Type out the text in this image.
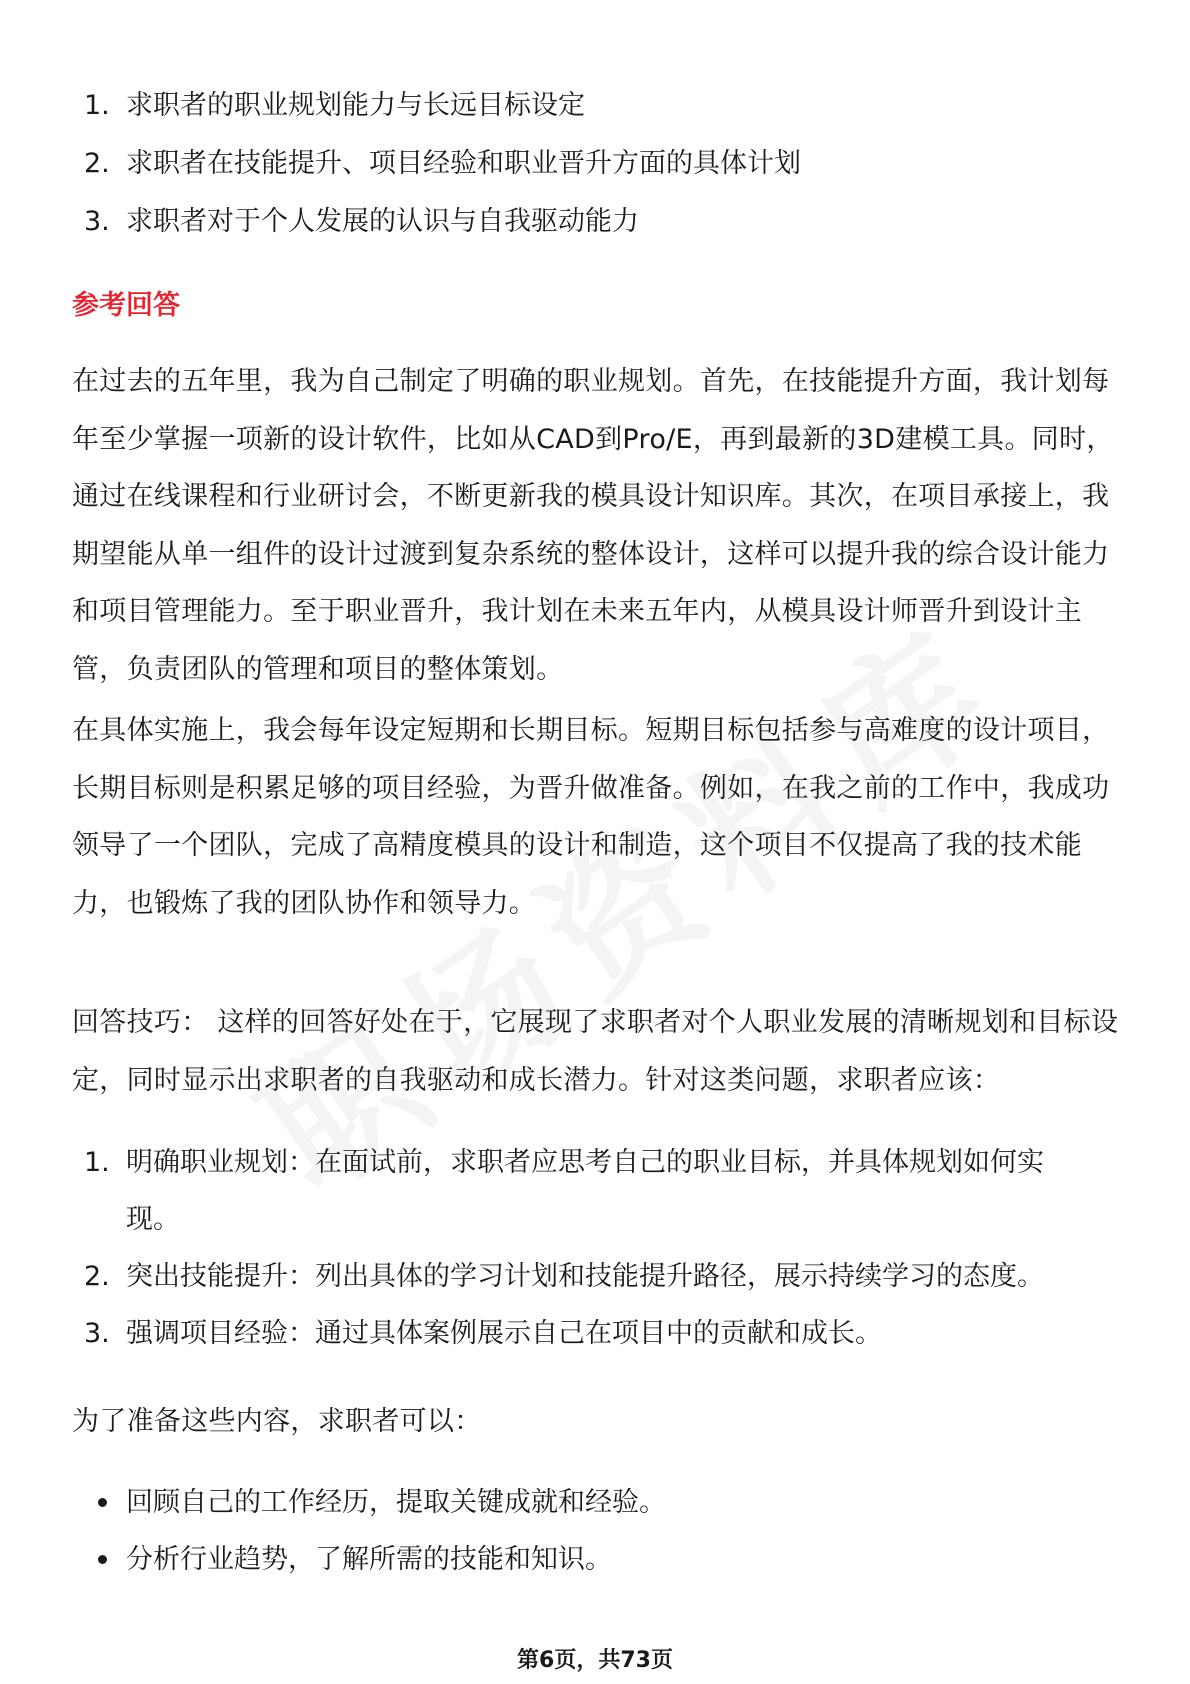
1. 求职者的职业规划能力与长远目标设定
2. 求职者在技能提升、项目经验和职业晋升方面的具体计划
3. 求职者对于个人发展的认识与自我驱动能力
参考回答
在过去的五年里，我为自己制定了明确的职业规划。首先，在技能提升方面，我计划每年至少掌握一项新的设计软件，比如从CAD到Pro/E，再到最新的3D建模工具。同时，通过在线课程和行业研讨会，不断更新我的模具设计知识库。其次，在项目承接上，我期望能从单一组件的设计过渡到复杂系统的整体设计，这样可以提升我的综合设计能力和项目管理能力。至于职业晋升，我计划在未来五年内，从模具设计师晋升到设计主管，负责团队的管理和项目的整体策划。
在具体实施上，我会每年设定短期和长期目标。短期目标包括参与高难度的设计项目，长期目标则是积累足够的项目经验，为晋升做准备。例如，在我之前的工作中，我成功领导了一个团队，完成了高精度模具的设计和制造，这个项目不仅提高了我的技术能力，也锻炼了我的团队协作和领导力。
回答技巧： 这样的回答好处在于，它展现了求职者对个人职业发展的清晰规划和目标设定，同时显示出求职者的自我驱动和成长潜力。针对这类问题，求职者应该：
1. 明确职业规划：在面试前，求职者应思考自己的职业目标，并具体规划如何实现。
2. 突出技能提升：列出具体的学习计划和技能提升路径，展示持续学习的态度。
3. 强调项目经验：通过具体案例展示自己在项目中的贡献和成长。
为了准备这些内容，求职者可以：
回顾自己的工作经历，提取关键成就和经验。
分析行业趋势，了解所需的技能和知识。
第6页，共73页
